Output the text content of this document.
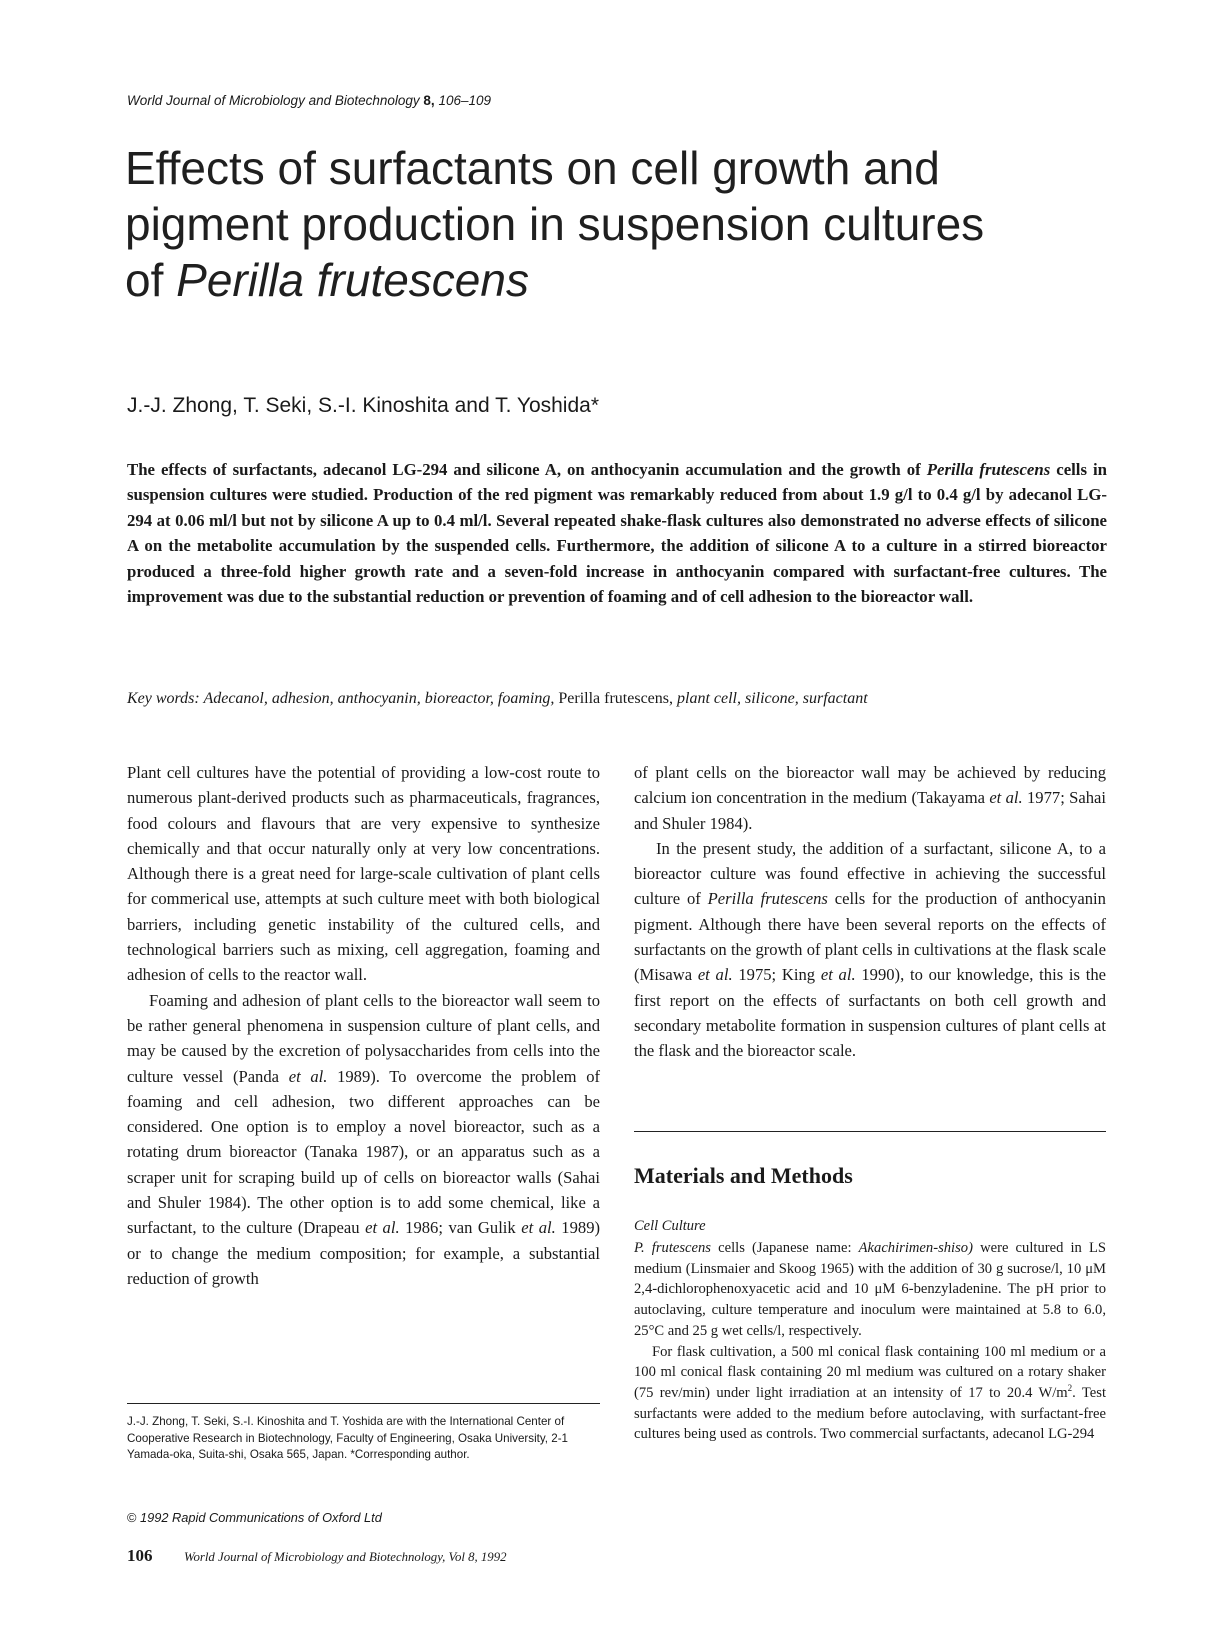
World Journal of Microbiology and Biotechnology 8, 106–109
Effects of surfactants on cell growth and
pigment production in suspension cultures
of Perilla frutescens
J.-J. Zhong, T. Seki, S.-I. Kinoshita and T. Yoshida*

The effects of surfactants, adecanol LG-294 and silicone A, on anthocyanin accumulation and the growth of Perilla frutescens cells in suspension cultures were studied. Production of the red pigment was remarkably reduced from about 1.9 g/l to 0.4 g/l by adecanol LG-294 at 0.06 ml/l but not by silicone A up to 0.4 ml/l. Several repeated shake-flask cultures also demonstrated no adverse effects of silicone A on the metabolite accumulation by the suspended cells. Furthermore, the addition of silicone A to a culture in a stirred bioreactor produced a three-fold higher growth rate and a seven-fold increase in anthocyanin compared with surfactant-free cultures. The improvement was due to the substantial reduction or prevention of foaming and of cell adhesion to the bioreactor wall.

Key words: Adecanol, adhesion, anthocyanin, bioreactor, foaming, Perilla frutescens, plant cell, silicone, surfactant

Plant cell cultures have the potential of providing a low-cost route to numerous plant-derived products such as pharmaceuticals, fragrances, food colours and flavours that are very expensive to synthesize chemically and that occur naturally only at very low concentrations. Although there is a great need for large-scale cultivation of plant cells for commerical use, attempts at such culture meet with both biological barriers, including genetic instability of the cultured cells, and technological barriers such as mixing, cell aggregation, foaming and adhesion of cells to the reactor wall.

Foaming and adhesion of plant cells to the bioreactor wall seem to be rather general phenomena in suspension culture of plant cells, and may be caused by the excretion of polysaccharides from cells into the culture vessel (Panda et al. 1989). To overcome the problem of foaming and cell adhesion, two different approaches can be considered. One option is to employ a novel bioreactor, such as a rotating drum bioreactor (Tanaka 1987), or an apparatus such as a scraper unit for scraping build up of cells on bioreactor walls (Sahai and Shuler 1984). The other option is to add some chemical, like a surfactant, to the culture (Drapeau et al. 1986; van Gulik et al. 1989) or to change the medium composition; for example, a substantial reduction of growth

of plant cells on the bioreactor wall may be achieved by reducing calcium ion concentration in the medium (Takayama et al. 1977; Sahai and Shuler 1984).

In the present study, the addition of a surfactant, silicone A, to a bioreactor culture was found effective in achieving the successful culture of Perilla frutescens cells for the production of anthocyanin pigment. Although there have been several reports on the effects of surfactants on the growth of plant cells in cultivations at the flask scale (Misawa et al. 1975; King et al. 1990), to our knowledge, this is the first report on the effects of surfactants on both cell growth and secondary metabolite formation in suspension cultures of plant cells at the flask and the bioreactor scale.

Materials and Methods
Cell Culture

P. frutescens cells (Japanese name: Akachirimen-shiso) were cultured in LS medium (Linsmaier and Skoog 1965) with the addition of 30 g sucrose/l, 10 μM 2,4-dichlorophenoxyacetic acid and 10 μM 6-benzyladenine. The pH prior to autoclaving, culture temperature and inoculum were maintained at 5.8 to 6.0, 25°C and 25 g wet cells/l, respectively.

For flask cultivation, a 500 ml conical flask containing 100 ml medium or a 100 ml conical flask containing 20 ml medium was cultured on a rotary shaker (75 rev/min) under light irradiation at an intensity of 17 to 20.4 $W/m^2$. Test surfactants were added to the medium before autoclaving, with surfactant-free cultures being used as controls. Two commercial surfactants, adecanol LG-294

J.-J. Zhong, T. Seki, S.-I. Kinoshita and T. Yoshida are with the International Center of Cooperative Research in Biotechnology, Faculty of Engineering, Osaka University, 2-1 Yamada-oka, Suita-shi, Osaka 565, Japan. *Corresponding author.

© 1992 Rapid Communications of Oxford Ltd
106 World Journal of Microbiology and Biotechnology, Vol 8, 1992
